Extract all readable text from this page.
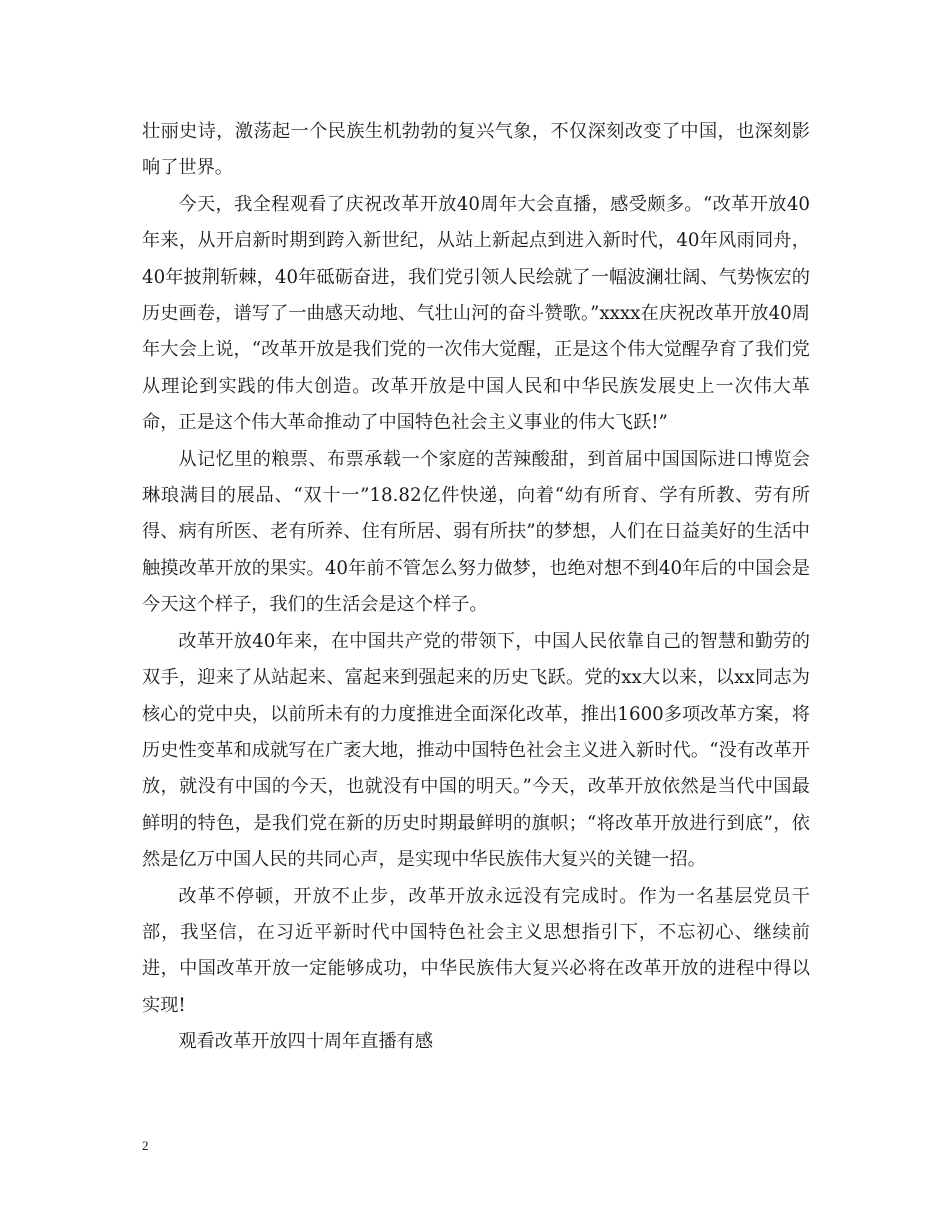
壮丽史诗，激荡起一个民族生机勃勃的复兴气象，不仅深刻改变了中国，也深刻影响了世界。

今天，我全程观看了庆祝改革开放40周年大会直播，感受颇多。“改革开放40年来，从开启新时期到跨入新世纪，从站上新起点到进入新时代，40年风雨同舟，40年披荆斩棘，40年砥砺奋进，我们党引领人民绘就了一幅波澜壮阔、气势恢宏的历史画卷，谱写了一曲感天动地、气壮山河的奋斗赞歌。”xxxx在庆祝改革开放40周年大会上说，“改革开放是我们党的一次伟大觉醒，正是这个伟大觉醒孕育了我们党从理论到实践的伟大创造。改革开放是中国人民和中华民族发展史上一次伟大革命，正是这个伟大革命推动了中国特色社会主义事业的伟大飞跃!”

从记忆里的粮票、布票承载一个家庭的苦辣酸甜，到首届中国国际进口博览会琳琅满目的展品、“双十一”18.82亿件快递，向着“幼有所育、学有所教、劳有所得、病有所医、老有所养、住有所居、弱有所扶”的梦想，人们在日益美好的生活中触摸改革开放的果实。40年前不管怎么努力做梦，也绝对想不到40年后的中国会是今天这个样子，我们的生活会是这个样子。

改革开放40年来，在中国共产党的带领下，中国人民依靠自己的智慧和勤劳的双手，迎来了从站起来、富起来到强起来的历史飞跃。党的xx大以来，以xx同志为核心的党中央，以前所未有的力度推进全面深化改革，推出1600多项改革方案，将历史性变革和成就写在广袤大地，推动中国特色社会主义进入新时代。“没有改革开放，就没有中国的今天，也就没有中国的明天。”今天，改革开放依然是当代中国最鲜明的特色，是我们党在新的历史时期最鲜明的旗帜；“将改革开放进行到底”，依然是亿万中国人民的共同心声，是实现中华民族伟大复兴的关键一招。

改革不停顿，开放不止步，改革开放永远没有完成时。作为一名基层党员干部，我坚信，在习近平新时代中国特色社会主义思想指引下，不忘初心、继续前进，中国改革开放一定能够成功，中华民族伟大复兴必将在改革开放的进程中得以实现!

观看改革开放四十周年直播有感

2
